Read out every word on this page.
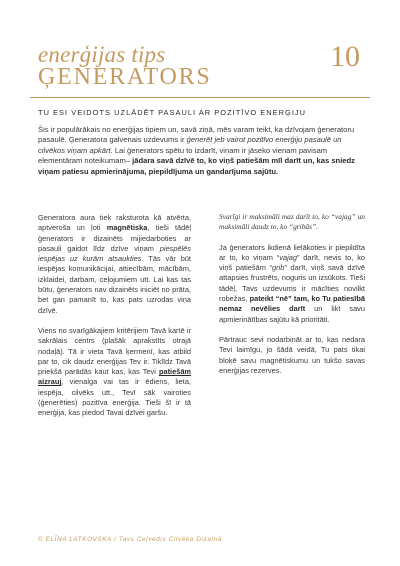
enerģijas tips
ĢENERATORS
10
TU ESI VEIDOTS UZLĀDĒT PASAULI AR POZITĪVO ENERĢIJU

Šis ir populārākais no enerģijas tipiem un, savā ziņā, mēs varam teikt, ka dzīvojam ģeneratoru pasaulē. Ģeneratora galvenais uzdevums ir ģenerēt jeb vairot pozitīvo enerģiju pasaulē un cilvēkos viņam apkārt. Lai ģenerators spētu to izdarīt, viņam ir jāseko vienam pavisam elementāram noteikumam– jādara savā dzīvē to, ko viņš patiešām mīl darīt un, kas sniedz viņam patiesu apmierinājuma, piepildījuma un gandarījuma sajūtu.

Ģeneratora aura tiek raksturota kā atvērta, aptveroša un ļoti magnētiska, tieši tādēļ ģenerators ir dizainēts mijiedarboties ar pasauli gaidot līdz dzīve viņam piespēlēs iespējas uz kurām atsaukties. Tās vār būt iespējas komunikācijai, attiecībām, mācībām, izklaidei, darbam, ceļojumiem utt. Lai kas tas būtu, ģenerators nav dizainēts iniciēt no prāta, bet gan pamanīt to, kas pats uzrodas viņa dzīvē.

Viens no svarīgākajiem kritērijiem Tavā kartē ir sakrālais centrs (plašāk aprakstīts otrajā nodaļā). Tā ir vieta Tavā ķermenī, kas atbild par to, cik daudz enerģijas Tev ir. Tiklīdz Tavā priekšā parādās kaut kas, kas Tevi patiešām aizrauj, vienalga vai tas ir ēdiens, lieta, iespēja, cilvēks utt., Tevī sāk vairoties (ģenerēties) pozitīva enerģija. Tieši šī ir tā enerģija, kas piedod Tavai dzīvei garšu.

Svarīgi ir maksimāli maz darīt to, ko “vajag” un maksimāli daudz to, ko “gribās”.

Ja ģenerators ikdienā lielākoties ir piepildīta ar to, ko viņam “vajag” darīt, nevis to, ko viņš patiešām “grib” darīt, viņš savā dzīvē attapsies frustrēts, noguris un izsūkots. Tieši tādēļ, Tavs uzdevums ir mācīties novilkt robežas, pateikt “nē” tam, ko Tu patiesībā nemaz nevēlies darīt un likt savu apmierinātības sajūtu kā prioritāti.

Pārtrauc sevi nodarbināt ar to, kas nedara Tevi laimīgu, jo šādā veidā, Tu pats tikai bloķē savu magnētiskumu un tukšo savas enerģijas rezerves.

© ELĪNA LATKOVSKA / Tavs Ceļvedis Cilvēka Dizainā
